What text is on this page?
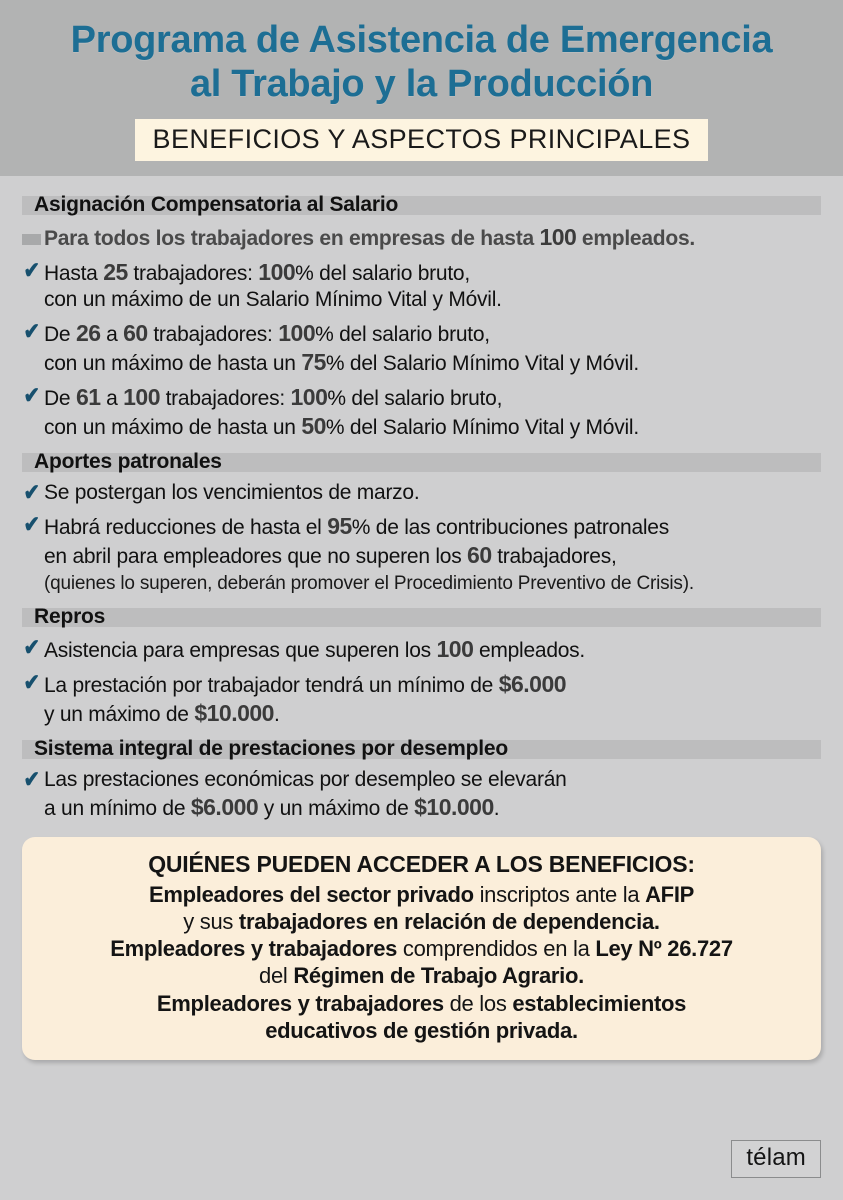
Programa de Asistencia de Emergencia
al Trabajo y la Producción
BENEFICIOS Y ASPECTOS PRINCIPALES
Asignación Compensatoria al Salario
Para todos los trabajadores en empresas de hasta 100 empleados.
✔ Hasta 25 trabajadores: 100% del salario bruto,
con un máximo de un Salario Mínimo Vital y Móvil.
✔ De 26 a 60 trabajadores: 100% del salario bruto,
con un máximo de hasta un 75% del Salario Mínimo Vital y Móvil.
✔ De 61 a 100 trabajadores: 100% del salario bruto,
con un máximo de hasta un 50% del Salario Mínimo Vital y Móvil.
Aportes patronales
✔ Se postergan los vencimientos de marzo.
✔ Habrá reducciones de hasta el 95% de las contribuciones patronales
en abril para empleadores que no superen los 60 trabajadores,
(quienes lo superen, deberán promover el Procedimiento Preventivo de Crisis).
Repros
✔ Asistencia para empresas que superen los 100 empleados.
✔ La prestación por trabajador tendrá un mínimo de $6.000
y un máximo de $10.000.
Sistema integral de prestaciones por desempleo
✔ Las prestaciones económicas por desempleo se elevarán
a un mínimo de $6.000 y un máximo de $10.000.
QUIÉNES PUEDEN ACCEDER A LOS BENEFICIOS:
Empleadores del sector privado inscriptos ante la AFIP
y sus trabajadores en relación de dependencia.
Empleadores y trabajadores comprendidos en la Ley Nº 26.727
del Régimen de Trabajo Agrario.
Empleadores y trabajadores de los establecimientos
educativos de gestión privada.
télam
